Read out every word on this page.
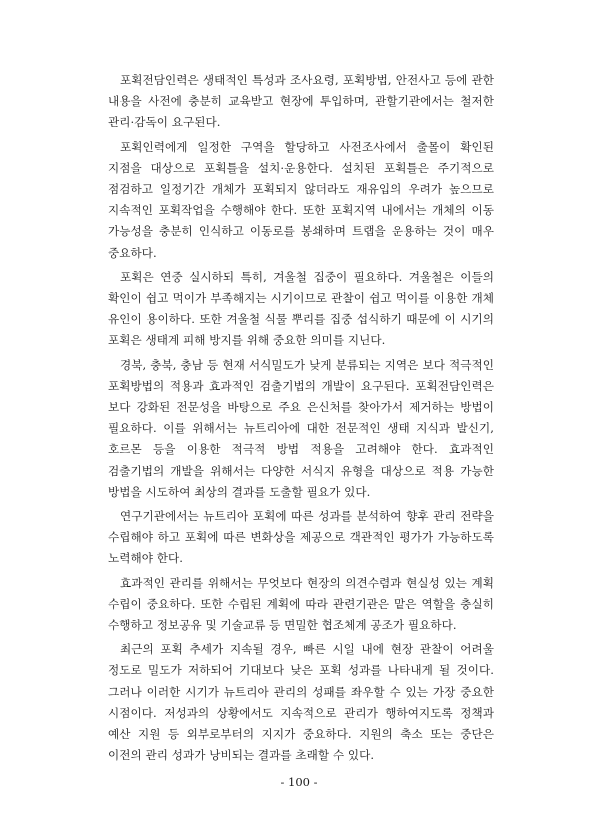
포획전담인력은 생태적인 특성과 조사요령, 포획방법, 안전사고 등에 관한 내용을 사전에 충분히 교육받고 현장에 투입하며, 관할기관에서는 철저한 관리·감독이 요구된다.

포획인력에게 일정한 구역을 할당하고 사전조사에서 출몰이 확인된 지점을 대상으로 포획틀을 설치·운용한다. 설치된 포획틀은 주기적으로 점검하고 일정기간 개체가 포획되지 않더라도 재유입의 우려가 높으므로 지속적인 포획작업을 수행해야 한다. 또한 포획지역 내에서는 개체의 이동 가능성을 충분히 인식하고 이동로를 봉쇄하며 트랩을 운용하는 것이 매우 중요하다.

포획은 연중 실시하되 특히, 겨울철 집중이 필요하다. 겨울철은 이들의 확인이 쉽고 먹이가 부족해지는 시기이므로 관찰이 쉽고 먹이를 이용한 개체 유인이 용이하다. 또한 겨울철 식물 뿌리를 집중 섭식하기 때문에 이 시기의 포획은 생태계 피해 방지를 위해 중요한 의미를 지닌다.

경북, 충북, 충남 등 현재 서식밀도가 낮게 분류되는 지역은 보다 적극적인 포획방법의 적용과 효과적인 검출기법의 개발이 요구된다. 포획전담인력은 보다 강화된 전문성을 바탕으로 주요 은신처를 찾아가서 제거하는 방법이 필요하다. 이를 위해서는 뉴트리아에 대한 전문적인 생태 지식과 발신기, 호르몬 등을 이용한 적극적 방법 적용을 고려해야 한다. 효과적인 검출기법의 개발을 위해서는 다양한 서식지 유형을 대상으로 적용 가능한 방법을 시도하여 최상의 결과를 도출할 필요가 있다.

연구기관에서는 뉴트리아 포획에 따른 성과를 분석하여 향후 관리 전략을 수립해야 하고 포획에 따른 변화상을 제공으로 객관적인 평가가 가능하도록 노력해야 한다.

효과적인 관리를 위해서는 무엇보다 현장의 의견수렴과 현실성 있는 계획 수립이 중요하다. 또한 수립된 계획에 따라 관련기관은 맡은 역할을 충실히 수행하고 정보공유 및 기술교류 등 면밀한 협조체계 공조가 필요하다.

최근의 포획 추세가 지속될 경우, 빠른 시일 내에 현장 관찰이 어려울 정도로 밀도가 저하되어 기대보다 낮은 포획 성과를 나타내게 될 것이다. 그러나 이러한 시기가 뉴트리아 관리의 성패를 좌우할 수 있는 가장 중요한 시점이다. 저성과의 상황에서도 지속적으로 관리가 행하여지도록 정책과 예산 지원 등 외부로부터의 지지가 중요하다. 지원의 축소 또는 중단은 이전의 관리 성과가 낭비되는 결과를 초래할 수 있다.

- 100 -
